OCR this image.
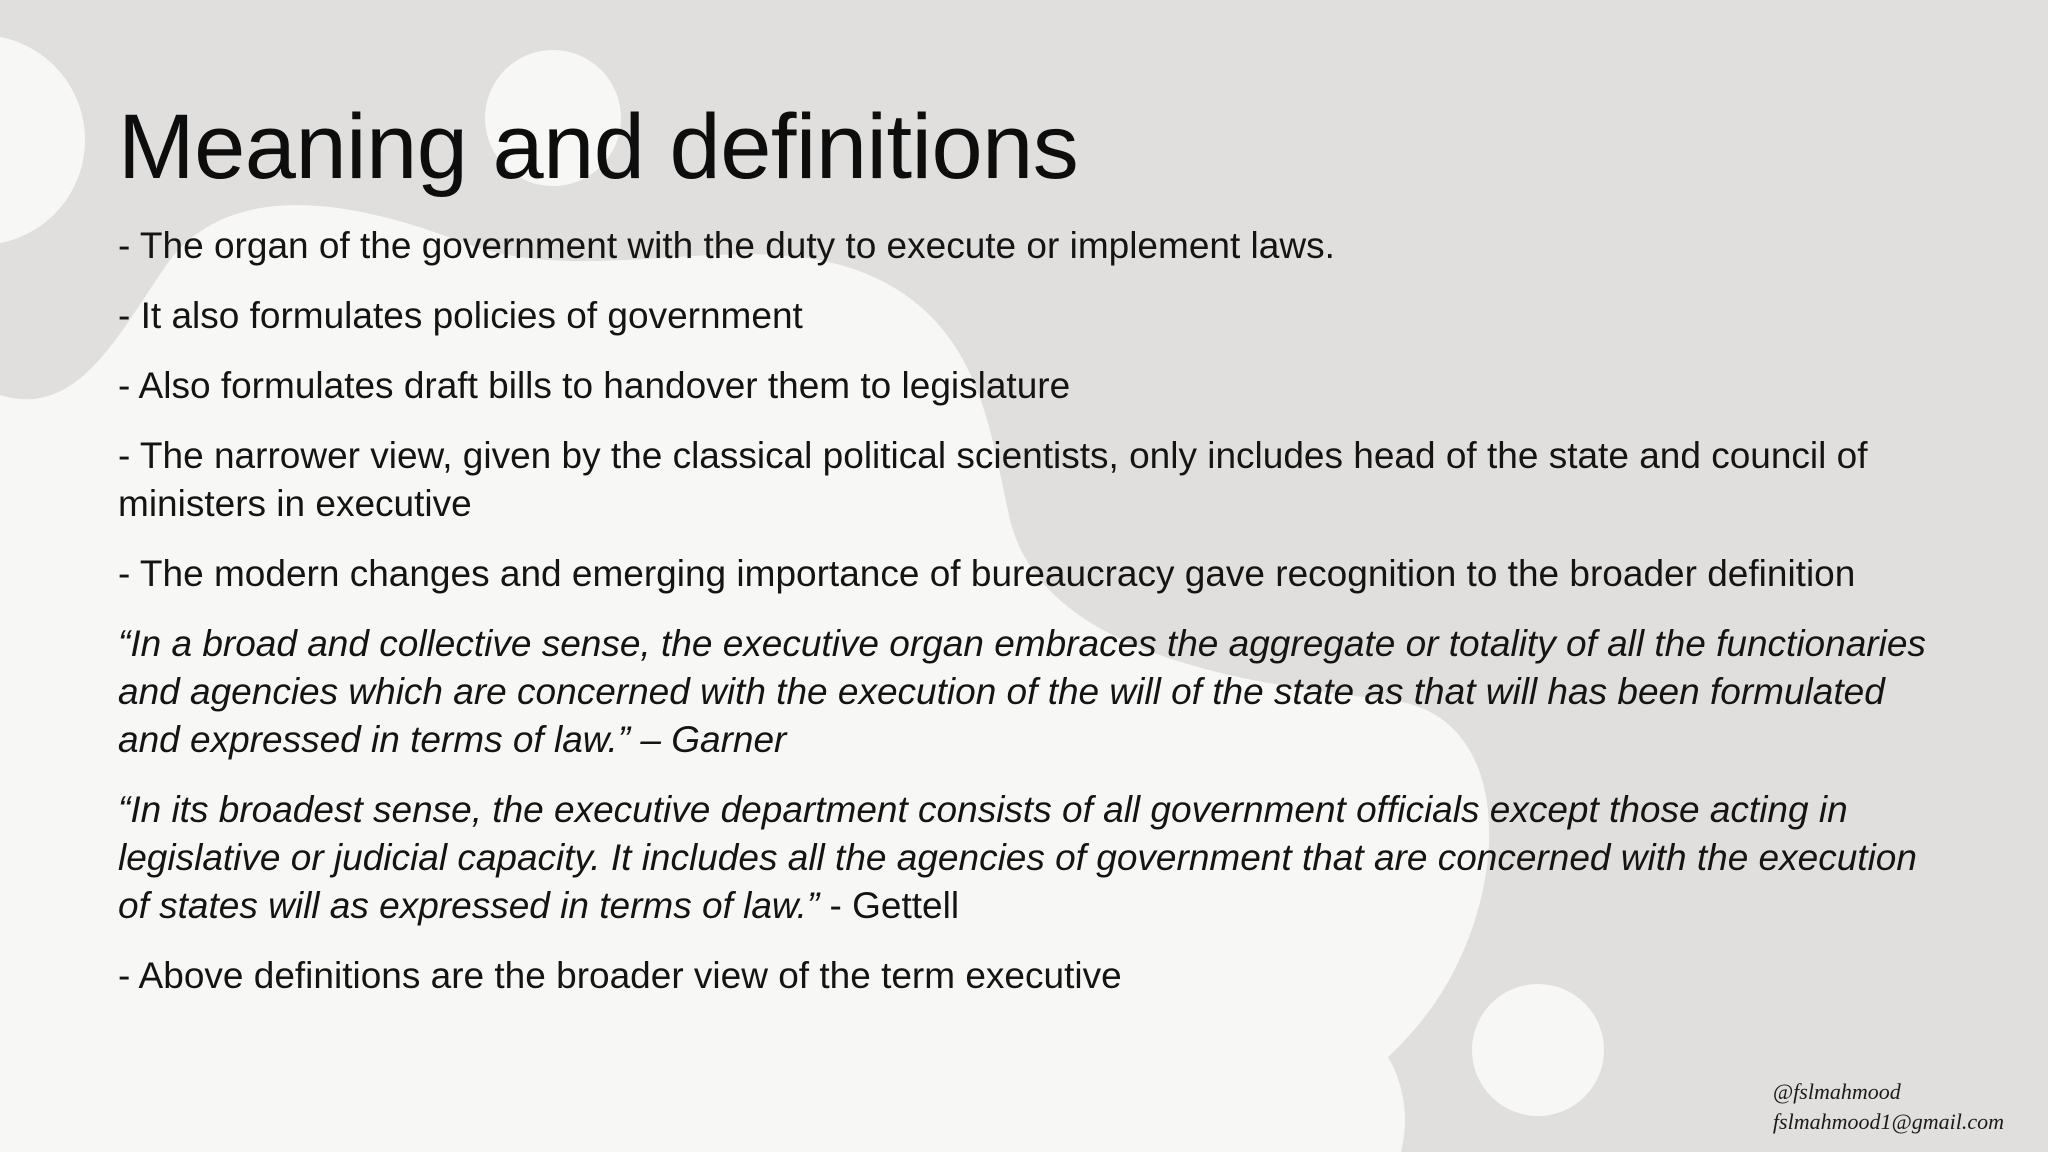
Meaning and definitions

- The organ of the government with the duty to execute or implement laws.

- It also formulates policies of government

- Also formulates draft bills to handover them to legislature

- The narrower view, given by the classical political scientists, only includes head of the state and council of ministers in executive

- The modern changes and emerging importance of bureaucracy gave recognition to the broader definition

“In a broad and collective sense, the executive organ embraces the aggregate or totality of all the functionaries and agencies which are concerned with the execution of the will of the state as that will has been formulated and expressed in terms of law.” – Garner

“In its broadest sense, the executive department consists of all government officials except those acting in legislative or judicial capacity. It includes all the agencies of government that are concerned with the execution of states will as expressed in terms of law.” - Gettell

- Above definitions are the broader view of the term executive

@fslmahmood
fslmahmood1@gmail.com
